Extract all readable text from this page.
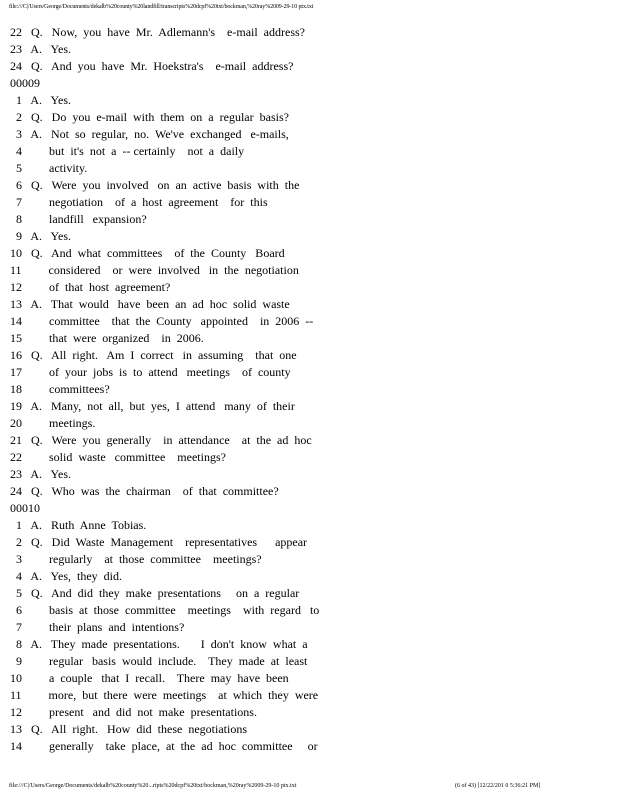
file:///C|/Users/George/Documents/dekalb%20county%20landfill/transcripts%20dcpf%20txt/bockman,%20ray%2009-29-10 ptx.txt
22   Q.   Now,  you  have  Mr.  Adlemann's    e-mail  address?
23   A.   Yes.
24   Q.   And  you  have  Mr.  Hoekstra's    e-mail  address?
00009
1   A.   Yes.
2   Q.   Do  you  e-mail  with  them  on  a  regular  basis?
3   A.   Not  so  regular,  no.  We've  exchanged   e-mails,
4         but  it's  not  a  -- certainly    not  a  daily
5         activity.
6   Q.   Were  you  involved   on  an  active  basis  with  the
7         negotiation    of  a  host  agreement    for  this
8         landfill   expansion?
9   A.   Yes.
10   Q.   And  what  committees    of  the  County   Board
11         considered    or  were  involved   in  the  negotiation
12         of  that  host  agreement?
13   A.   That  would   have  been  an  ad  hoc  solid  waste
14         committee    that  the  County   appointed    in  2006  --
15         that  were  organized    in  2006.
16   Q.   All  right.   Am  I  correct   in  assuming    that  one
17         of  your  jobs  is  to  attend   meetings    of  county
18         committees?
19   A.   Many,  not  all,  but  yes,  I  attend   many  of  their
20         meetings.
21   Q.   Were  you  generally    in  attendance    at  the  ad  hoc
22         solid  waste   committee    meetings?
23   A.   Yes.
24   Q.   Who  was  the  chairman    of  that  committee?
00010
1   A.   Ruth  Anne  Tobias.
2   Q.   Did  Waste  Management    representatives      appear
3         regularly    at  those  committee    meetings?
4   A.   Yes,  they  did.
5   Q.   And  did  they  make  presentations     on  a  regular
6         basis  at  those  committee    meetings    with  regard   to
7         their  plans  and  intentions?
8   A.   They  made  presentations.       I  don't  know  what  a
9         regular   basis  would  include.    They  made  at  least
10         a  couple   that  I  recall.    There  may  have  been
11         more,  but  there  were  meetings    at  which  they  were
12         present   and  did  not  make  presentations.
13   Q.   All  right.   How  did  these  negotiations
14         generally    take  place,  at  the  ad  hoc  committee     or
file:///C|/Users/George/Documents/dekalb%20county%20...ripts%20dcpf%20txt/bockman,%20ray%2009-29-10 ptx.txt	(6 of 43) [12/22/201 0 5:36:21 PM]
